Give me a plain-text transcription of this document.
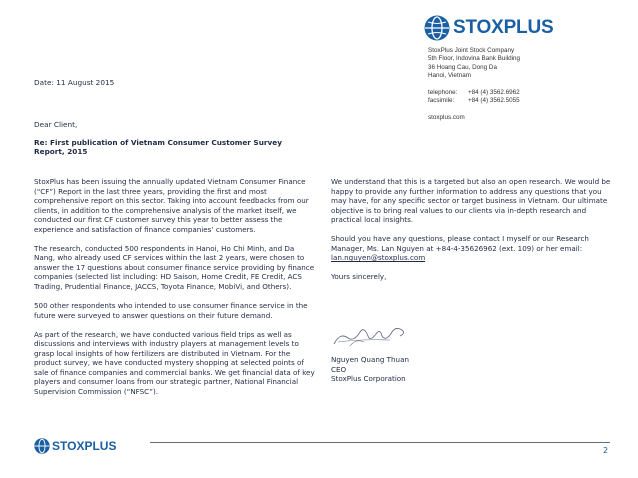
STOXPLUS
StoxPlus Joint Stock Company
5th Floor, Indovina Bank Building
36 Hoang Cau, Dong Da
Hanoi, Vietnam
telephone:	+84 (4) 3562.6962
facsimile:	+84 (4) 3562.5055
stoxplus.com
Date: 11 August 2015
Dear Client,
Re: First publication of Vietnam Consumer Customer Survey Report, 2015

StoxPlus has been issuing the annually updated Vietnam Consumer Finance (“CF”) Report in the last three years, providing the first and most comprehensive report on this sector. Taking into account feedbacks from our clients, in addition to the comprehensive analysis of the market itself, we conducted our first CF customer survey this year to better assess the experience and satisfaction of finance companies’ customers.

The research, conducted 500 respondents in Hanoi, Ho Chi Minh, and Da Nang, who already used CF services within the last 2 years, were chosen to answer the 17 questions about consumer finance service providing by finance companies (selected list including: HD Saison, Home Credit, FE Credit, ACS Trading, Prudential Finance, JACCS, Toyota Finance, MobiVi, and Others).

500 other respondents who intended to use consumer finance service in the future were surveyed to answer questions on their future demand.

As part of the research, we have conducted various field trips as well as discussions and interviews with industry players at management levels to grasp local insights of how fertilizers are distributed in Vietnam. For the product survey, we have conducted mystery shopping at selected points of sale of finance companies and commercial banks. We get financial data of key players and consumer loans from our strategic partner, National Financial Supervision Commission (“NFSC”).

We understand that this is a targeted but also an open research. We would be happy to provide any further information to address any questions that you may have, for any specific sector or target business in Vietnam. Our ultimate objective is to bring real values to our clients via in-depth research and practical local insights.

Should you have any questions, please contact I myself or our Research Manager, Ms. Lan Nguyen at +84-4-35626962 (ext. 109) or her email: lan.nguyen@stoxplus.com

Yours sincerely,

Nguyen Quang Thuan
CEO
StoxPlus Corporation
STOXPLUS	2
